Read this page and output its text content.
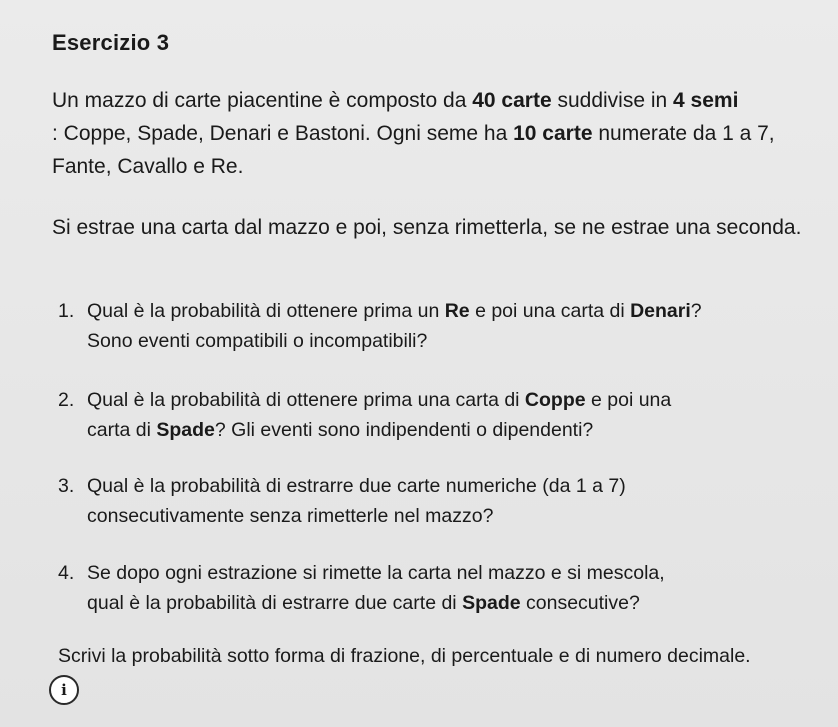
Esercizio 3
Un mazzo di carte piacentine è composto da 40 carte suddivise in 4 semi
: Coppe, Spade, Denari e Bastoni. Ogni seme ha 10 carte numerate da 1 a 7, Fante, Cavallo e Re.
Si estrae una carta dal mazzo e poi, senza rimetterla, se ne estrae una seconda.
1. Qual è la probabilità di ottenere prima un Re e poi una carta di Denari?
Sono eventi compatibili o incompatibili?
2. Qual è la probabilità di ottenere prima una carta di Coppe e poi una
carta di Spade? Gli eventi sono indipendenti o dipendenti?
3. Qual è la probabilità di estrarre due carte numeriche (da 1 a 7)
consecutivamente senza rimetterle nel mazzo?
4. Se dopo ogni estrazione si rimette la carta nel mazzo e si mescola,
qual è la probabilità di estrarre due carte di Spade consecutive?
Scrivi la probabilità sotto forma di frazione, di percentuale e di numero decimale.
i
